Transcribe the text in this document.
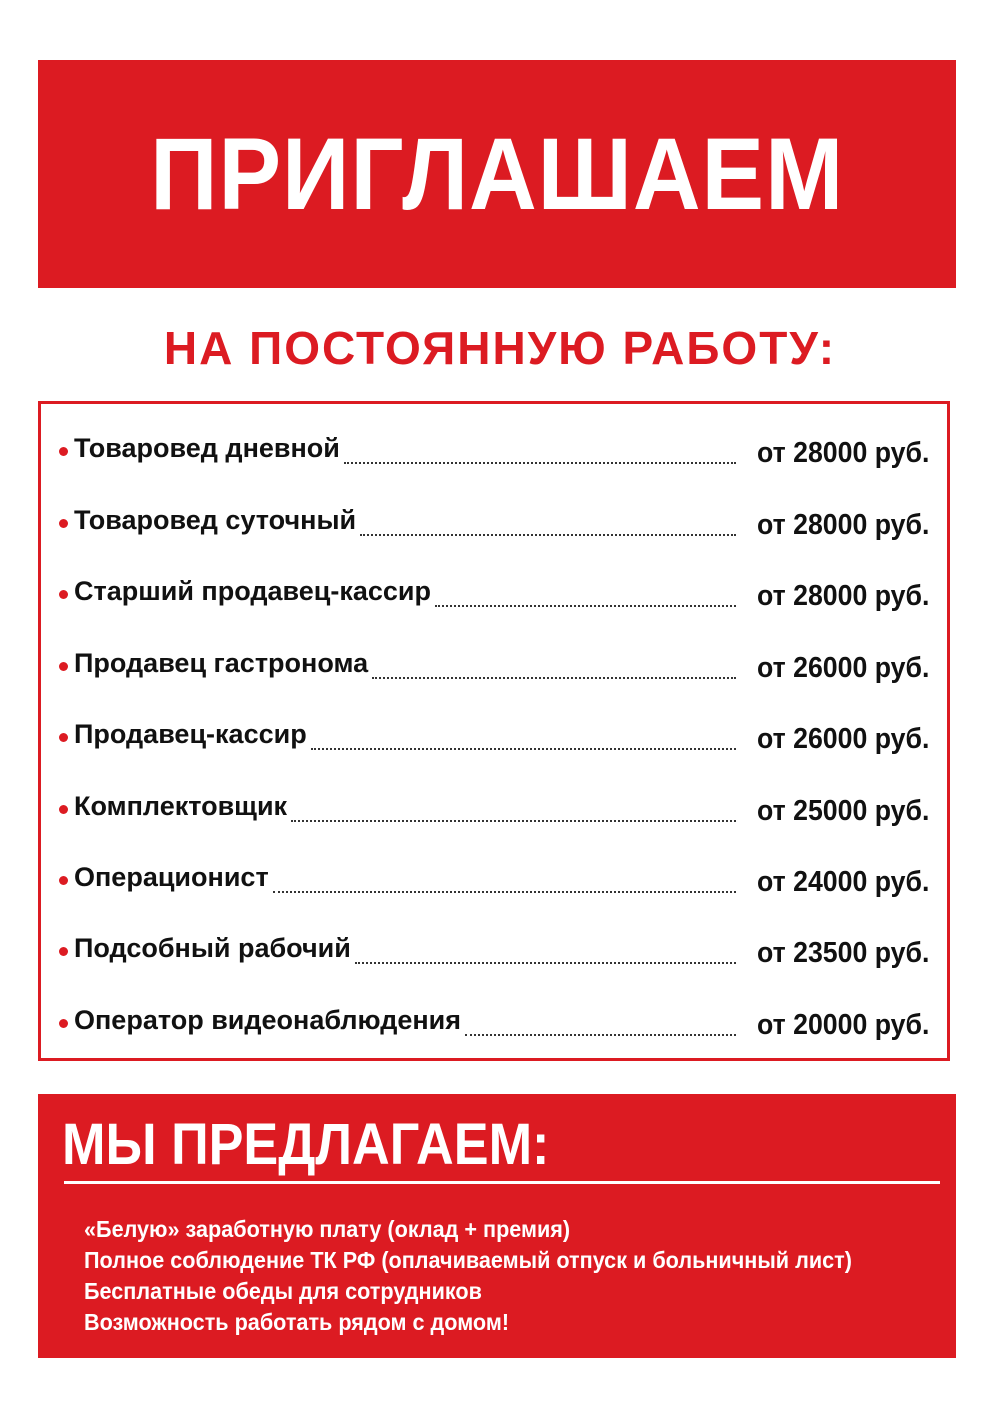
ПРИГЛАШАЕМ
НА ПОСТОЯННУЮ РАБОТУ:
Товаровед дневной	от 28000 руб.
Товаровед суточный	от 28000 руб.
Старший продавец-кассир	от 28000 руб.
Продавец гастронома	от 26000 руб.
Продавец-кассир	от 26000 руб.
Комплектовщик	от 25000 руб.
Операционист	от 24000 руб.
Подсобный рабочий	от 23500 руб.
Оператор видеонаблюдения	от 20000 руб.
МЫ ПРЕДЛАГАЕМ:
«Белую» заработную плату (оклад + премия)
Полное соблюдение ТК РФ (оплачиваемый отпуск и больничный лист)
Бесплатные обеды для сотрудников
Возможность работать рядом с домом!
